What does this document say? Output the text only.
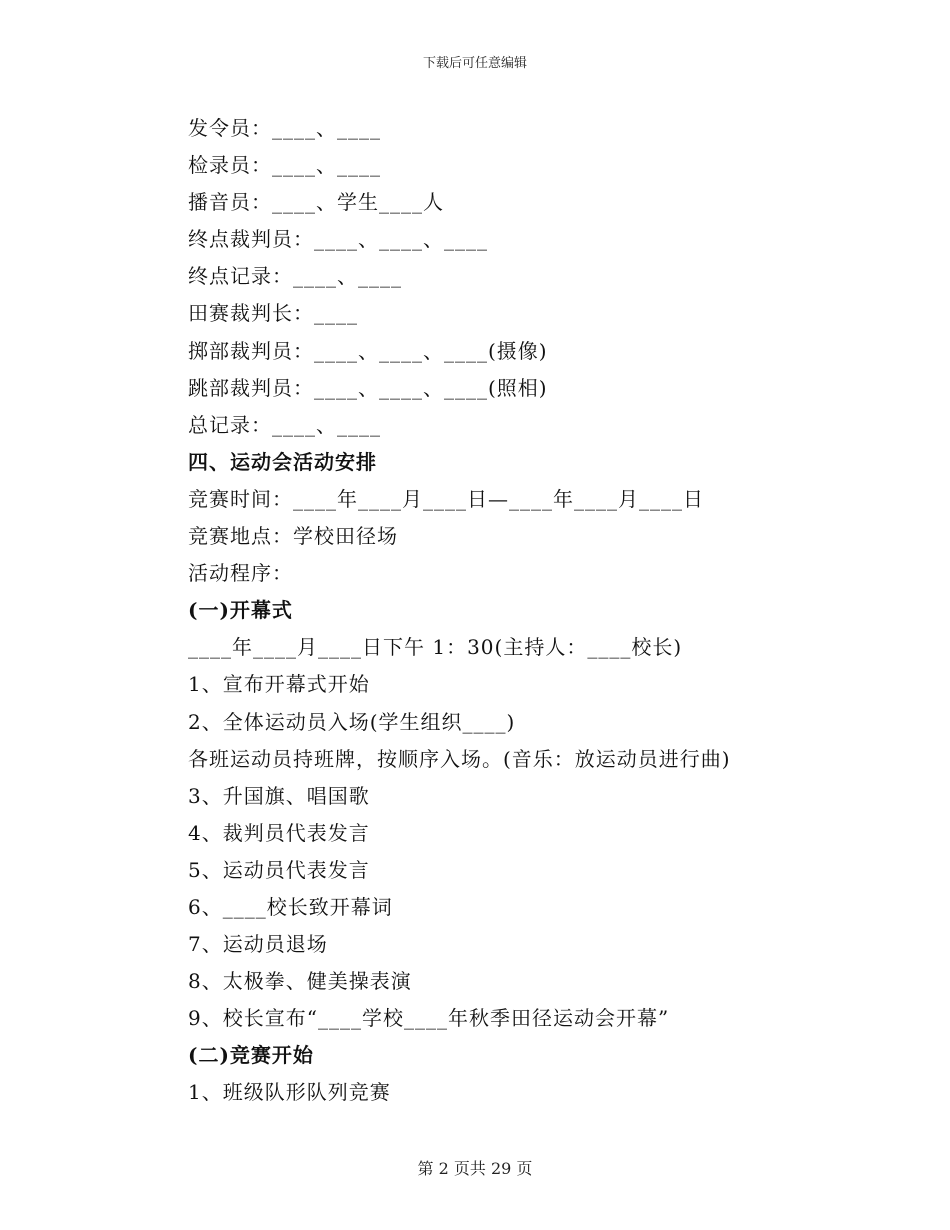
下载后可任意编辑
发令员：____、____
检录员：____、____
播音员：____、学生____人
终点裁判员：____、____、____
终点记录：____、____
田赛裁判长：____
掷部裁判员：____、____、____(摄像)
跳部裁判员：____、____、____(照相)
总记录：____、____
四、运动会活动安排
竞赛时间：____年____月____日—____年____月____日
竞赛地点：学校田径场
活动程序：
(一)开幕式
____年____月____日下午 1：30(主持人：____校长)
1、宣布开幕式开始
2、全体运动员入场(学生组织____)
各班运动员持班牌，按顺序入场。(音乐：放运动员进行曲)
3、升国旗、唱国歌
4、裁判员代表发言
5、运动员代表发言
6、____校长致开幕词
7、运动员退场
8、太极拳、健美操表演
9、校长宣布“____学校____年秋季田径运动会开幕”
(二)竞赛开始
1、班级队形队列竞赛
第 2 页共 29 页
